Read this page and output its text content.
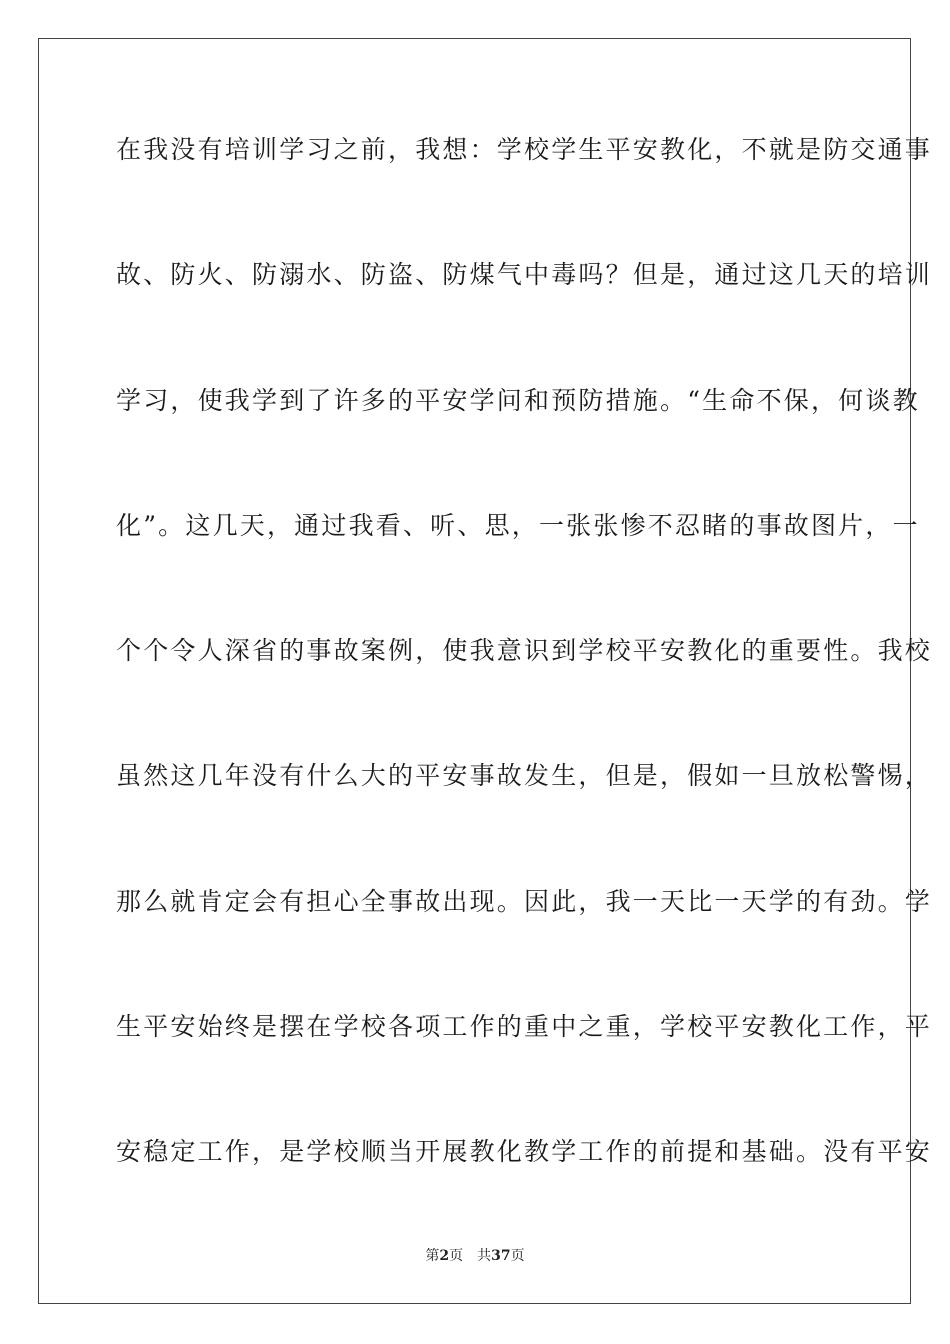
在我没有培训学习之前，我想：学校学生平安教化，不就是防交通事
故、防火、防溺水、防盗、防煤气中毒吗？但是，通过这几天的培训
学习，使我学到了许多的平安学问和预防措施。“生命不保，何谈教
化”。这几天，通过我看、听、思，一张张惨不忍睹的事故图片，一
个个令人深省的事故案例，使我意识到学校平安教化的重要性。我校
虽然这几年没有什么大的平安事故发生，但是，假如一旦放松警惕，
那么就肯定会有担心全事故出现。因此，我一天比一天学的有劲。学
生平安始终是摆在学校各项工作的重中之重，学校平安教化工作，平
安稳定工作，是学校顺当开展教化教学工作的前提和基础。没有平安
第2页 共37页
